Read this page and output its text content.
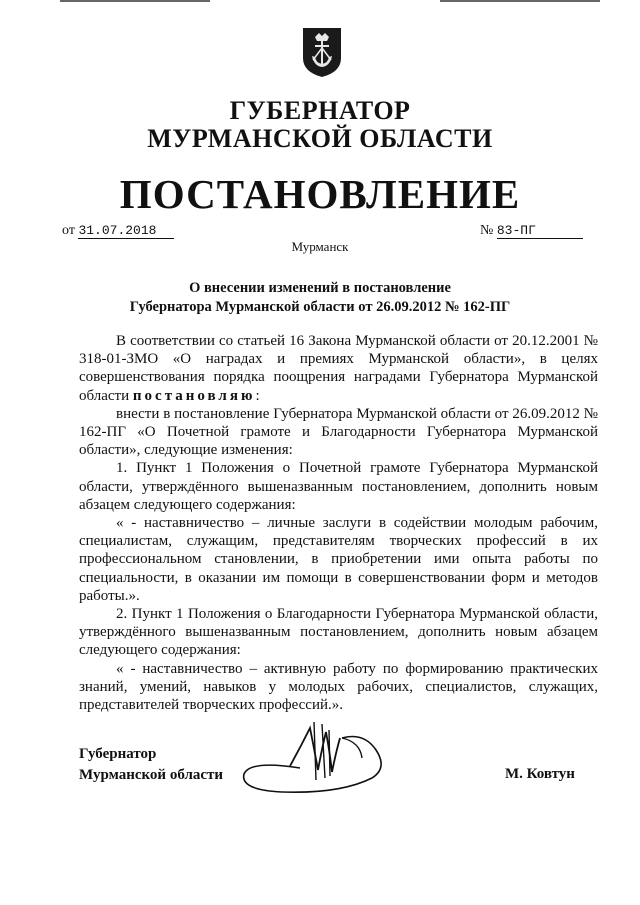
ГУБЕРНАТОР
МУРМАНСКОЙ ОБЛАСТИ
ПОСТАНОВЛЕНИЕ
от 31.07.2018	№ 83-ПГ
Мурманск
О внесении изменений в постановление
Губернатора Мурманской области от 26.09.2012 № 162-ПГ

В соответствии со статьей 16 Закона Мурманской области от 20.12.2001 № 318-01-ЗМО «О наградах и премиях Мурманской области», в целях совершенствования порядка поощрения наградами Губернатора Мурманской области постановляю:

внести в постановление Губернатора Мурманской области от 26.09.2012 № 162-ПГ «О Почетной грамоте и Благодарности Губернатора Мурманской области», следующие изменения:

1. Пункт 1 Положения о Почетной грамоте Губернатора Мурманской области, утверждённого вышеназванным постановлением, дополнить новым абзацем следующего содержания:

« - наставничество – личные заслуги в содействии молодым рабочим, специалистам, служащим, представителям творческих профессий в их профессиональном становлении, в приобретении ими опыта работы по специальности, в оказании им помощи в совершенствовании форм и методов работы.».

2. Пункт 1 Положения о Благодарности Губернатора Мурманской области, утверждённого вышеназванным постановлением, дополнить новым абзацем следующего содержания:

« - наставничество – активную работу по формированию практических знаний, умений, навыков у молодых рабочих, специалистов, служащих, представителей творческих профессий.».

Губернатор
Мурманской области	М. Ковтун
